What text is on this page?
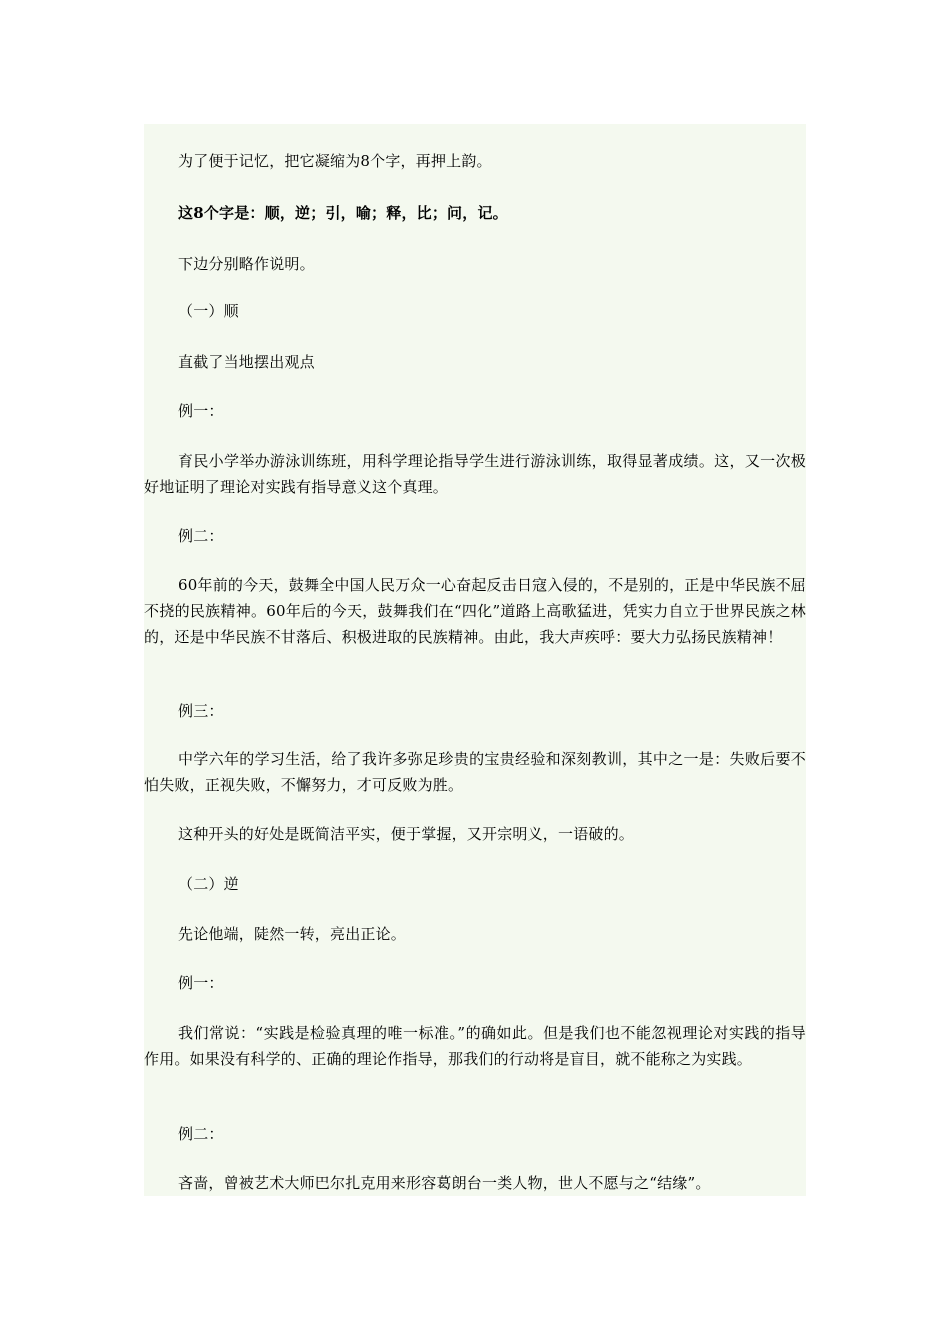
为了便于记忆，把它凝缩为8个字，再押上韵。

这8个字是：顺，逆；引，喻；释，比；问，记。

下边分别略作说明。

（一）顺

直截了当地摆出观点

例一：

育民小学举办游泳训练班，用科学理论指导学生进行游泳训练，取得显著成绩。这，又一次极好地证明了理论对实践有指导意义这个真理。

例二：

60年前的今天，鼓舞全中国人民万众一心奋起反击日寇入侵的，不是别的，正是中华民族不屈不挠的民族精神。60年后的今天，鼓舞我们在“四化”道路上高歌猛进，凭实力自立于世界民族之林的，还是中华民族不甘落后、积极进取的民族精神。由此，我大声疾呼：要大力弘扬民族精神！

例三：

中学六年的学习生活，给了我许多弥足珍贵的宝贵经验和深刻教训，其中之一是：失败后要不怕失败，正视失败，不懈努力，才可反败为胜。

这种开头的好处是既简洁平实，便于掌握，又开宗明义，一语破的。

（二）逆

先论他端，陡然一转，亮出正论。

例一：

我们常说：“实践是检验真理的唯一标准。”的确如此。但是我们也不能忽视理论对实践的指导作用。如果没有科学的、正确的理论作指导，那我们的行动将是盲目，就不能称之为实践。

例二：

吝啬，曾被艺术大师巴尔扎克用来形容葛朗台一类人物，世人不愿与之“结缘”。
